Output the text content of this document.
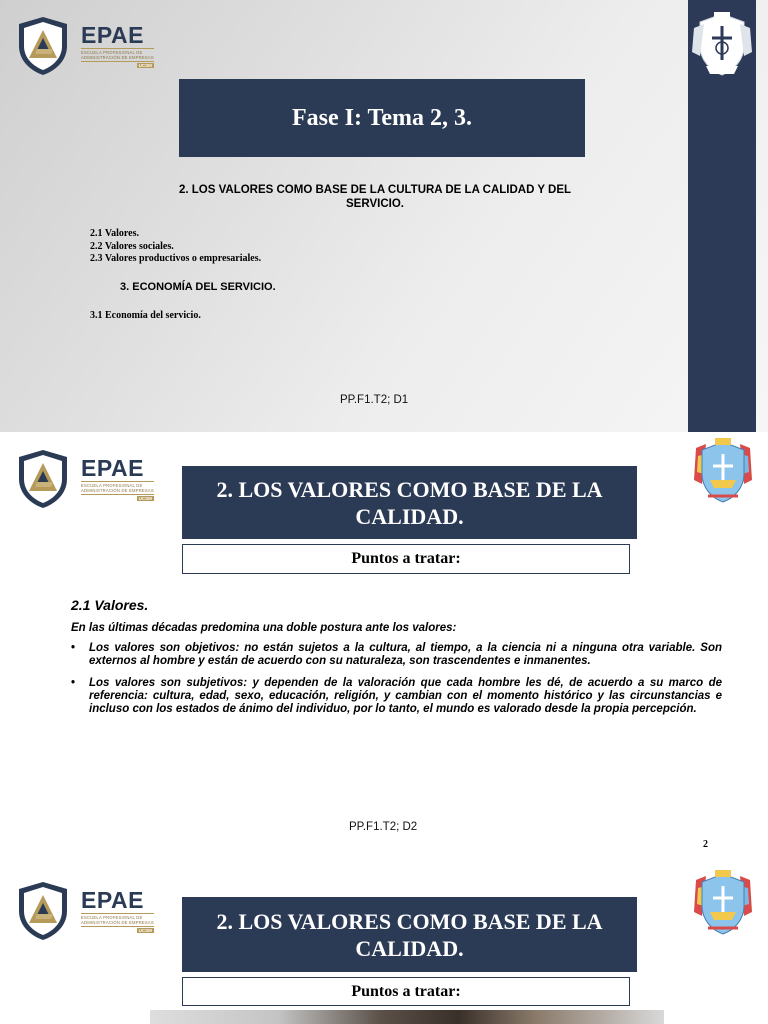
EPAE
ESCUELA PROFESIONAL DE
ADMINISTRACIÓN DE EMPRESAS
UCSM
Fase I: Tema 2, 3.
2. LOS VALORES COMO BASE DE LA CULTURA DE LA CALIDAD Y DEL SERVICIO.
2.1 Valores.
2.2 Valores sociales.
2.3 Valores productivos o empresariales.
3. ECONOMÍA DEL SERVICIO.
3.1 Economía del servicio.
PP.F1.T2; D1
EPAE
ESCUELA PROFESIONAL DE
ADMINISTRACIÓN DE EMPRESAS
UCSM	2. LOS VALORES COMO BASE DE LA CALIDAD.
Puntos a tratar:
2.1 Valores.
En las últimas décadas predomina una doble postura ante los valores:
• Los valores son objetivos: no están sujetos a la cultura, al tiempo, a la ciencia ni a ninguna otra variable. Son externos al hombre y están de acuerdo con su naturaleza, son trascendentes e inmanentes.
• Los valores son subjetivos: y dependen de la valoración que cada hombre les dé, de acuerdo a su marco de referencia: cultura, edad, sexo, educación, religión, y cambian con el momento histórico y las circunstancias e incluso con los estados de ánimo del individuo, por lo tanto, el mundo es valorado desde la propia percepción.
PP.F1.T2; D2
2
EPAE
ESCUELA PROFESIONAL DE
ADMINISTRACIÓN DE EMPRESAS
UCSM	2. LOS VALORES COMO BASE DE LA CALIDAD.
Puntos a tratar:
